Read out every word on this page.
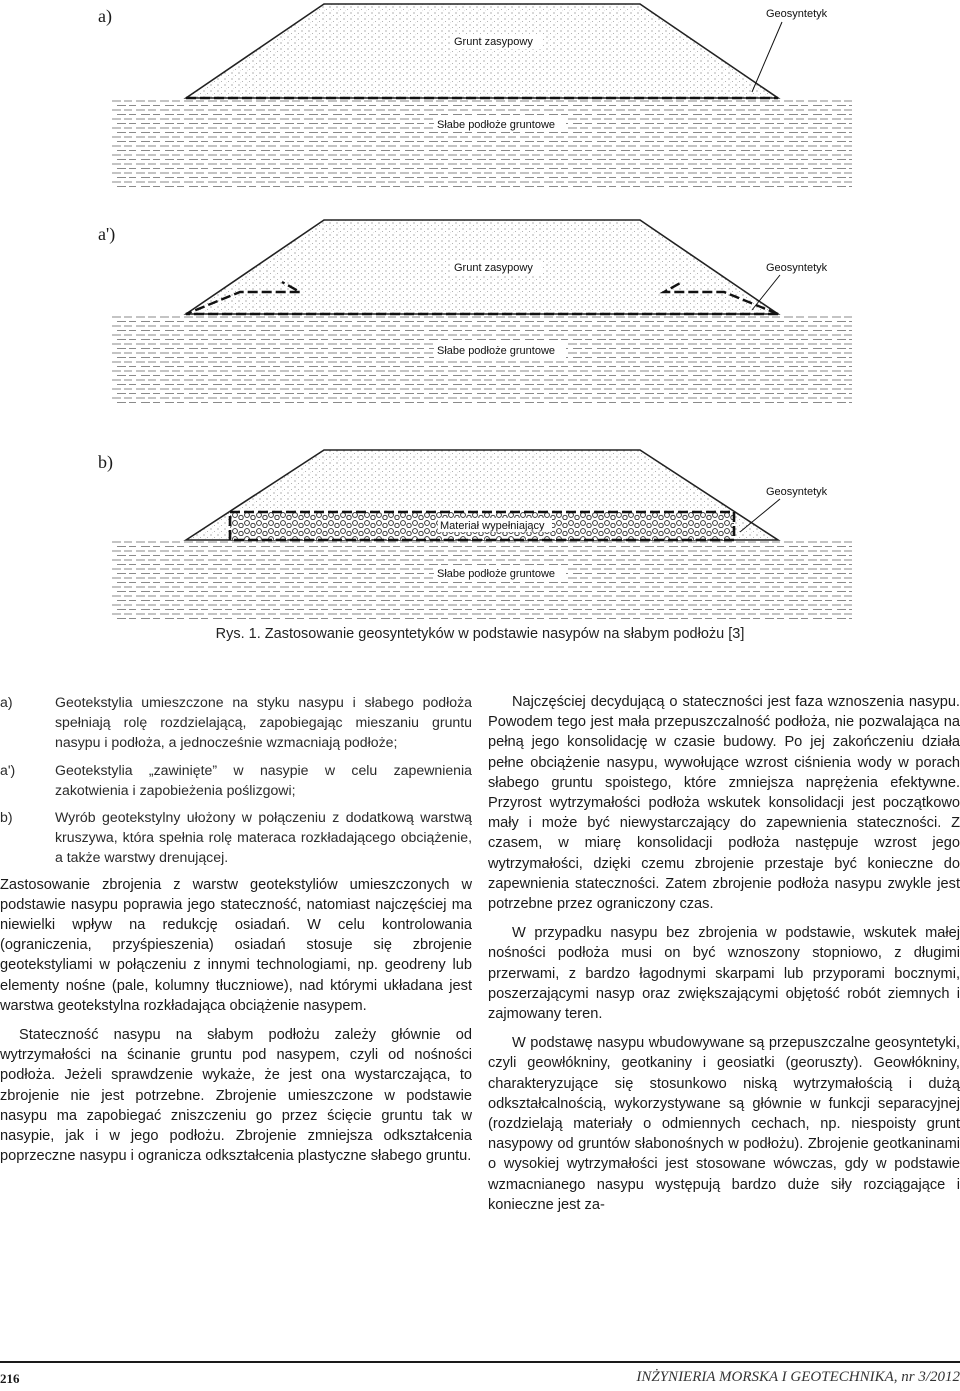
a)
Grunt zasypowy
Geosyntetyk
Słabe podłoże gruntowe
a')
Grunt zasypowy	Geosyntetyk
Słabe podłoże gruntowe
b)
Materiał wypełniający
Geosyntetyk
Słabe podłoże gruntowe
Rys. 1. Zastosowanie geosyntetyków w podstawie nasypów na słabym podłożu [3]
a)	Geotekstylia umieszczone na styku nasypu i słabego podłoża spełniają rolę rozdzielającą, zapobiegając mieszaniu gruntu nasypu i podłoża, a jednocześnie wzmacniają podłoże;
a')	Geotekstylia „zawinięte” w nasypie w celu zapewnienia zakotwienia i zapobieżenia poślizgowi;
b)	Wyrób geotekstylny ułożony w połączeniu z dodatkową warstwą kruszywa, która spełnia rolę materaca rozkładającego obciążenie, a także warstwy drenującej.

Zastosowanie zbrojenia z warstw geotekstyliów umieszczonych w podstawie nasypu poprawia jego stateczność, natomiast najczęściej ma niewielki wpływ na redukcję osiadań. W celu kontrolowania (ograniczenia, przyśpieszenia) osiadań stosuje się zbrojenie geotekstyliami w połączeniu z innymi technologiami, np. geodreny lub elementy nośne (pale, kolumny tłuczniowe), nad którymi układana jest warstwa geotekstylna rozkładająca obciążenie nasypem.

Stateczność nasypu na słabym podłożu zależy głównie od wytrzymałości na ścinanie gruntu pod nasypem, czyli od nośności podłoża. Jeżeli sprawdzenie wykaże, że jest ona wystarczająca, to zbrojenie nie jest potrzebne. Zbrojenie umieszczone w podstawie nasypu ma zapobiegać zniszczeniu go przez ścięcie gruntu tak w nasypie, jak i w jego podłożu. Zbrojenie zmniejsza odkształcenia poprzeczne nasypu i ogranicza odkształcenia plastyczne słabego gruntu.

Najczęściej decydującą o stateczności jest faza wznoszenia nasypu. Powodem tego jest mała przepuszczalność podłoża, nie pozwalająca na pełną jego konsolidację w czasie budowy. Po jej zakończeniu działa pełne obciążenie nasypu, wywołujące wzrost ciśnienia wody w porach słabego gruntu spoistego, które zmniejsza naprężenia efektywne. Przyrost wytrzymałości podłoża wskutek konsolidacji jest początkowo mały i może być niewystarczający do zapewnienia stateczności. Z czasem, w miarę konsolidacji podłoża następuje wzrost jego wytrzymałości, dzięki czemu zbrojenie przestaje być konieczne do zapewnienia stateczności. Zatem zbrojenie podłoża nasypu zwykle jest potrzebne przez ograniczony czas.

W przypadku nasypu bez zbrojenia w podstawie, wskutek małej nośności podłoża musi on być wznoszony stopniowo, z długimi przerwami, z bardzo łagodnymi skarpami lub przyporami bocznymi, poszerzającymi nasyp oraz zwiększającymi objętość robót ziemnych i zajmowany teren.

W podstawę nasypu wbudowywane są przepuszczalne geosyntetyki, czyli geowłókniny, geotkaniny i geosiatki (georuszty). Geowłókniny, charakteryzujące się stosunkowo niską wytrzymałością i dużą odkształcalnością, wykorzystywane są głównie w funkcji separacyjnej (rozdzielają materiały o odmiennych cechach, np. niespoisty grunt nasypowy od gruntów słabonośnych w podłożu). Zbrojenie geotkaninami o wysokiej wytrzymałości jest stosowane wówczas, gdy w podstawie wzmacnianego nasypu występują bardzo duże siły rozciągające i konieczne jest za-

216	INŻYNIERIA MORSKA I GEOTECHNIKA, nr 3/2012
